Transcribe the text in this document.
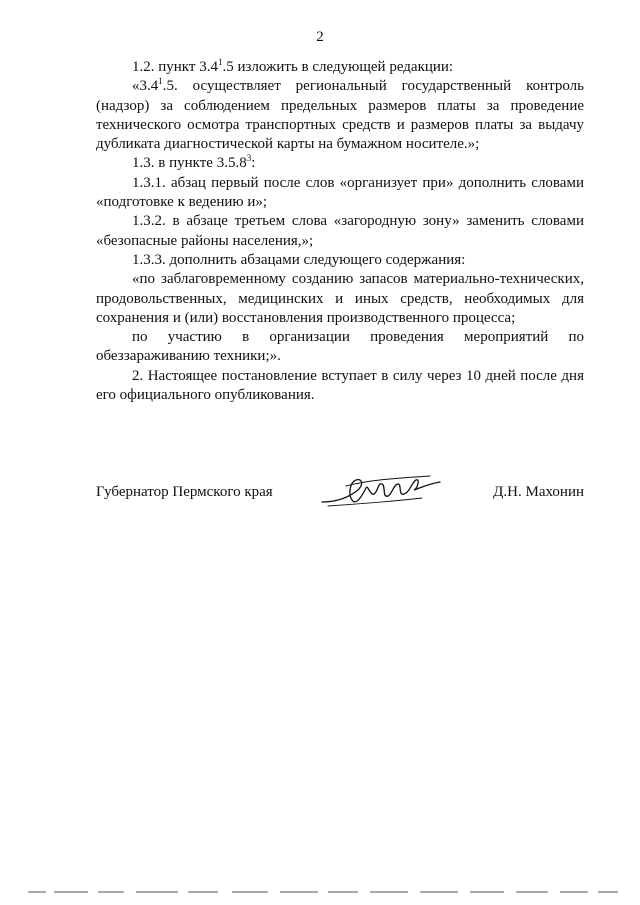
2

1.2. пункт $3.4^1.5$ изложить в следующей редакции:

«$3.4^1.5$. осуществляет региональный государственный контроль (надзор) за соблюдением предельных размеров платы за проведение технического осмотра транспортных средств и размеров платы за выдачу дубликата диагностической карты на бумажном носителе.»;

1.3. в пункте 3.5.8$^3$:

1.3.1. абзац первый после слов «организует при» дополнить словами «подготовке к ведению и»;

1.3.2. в абзаце третьем слова «загородную зону» заменить словами «безопасные районы населения,»;

1.3.3. дополнить абзацами следующего содержания:

«по заблаговременному созданию запасов материально-технических, продовольственных, медицинских и иных средств, необходимых для сохранения и (или) восстановления производственного процесса;

по участию в организации проведения мероприятий по обеззараживанию техники;».

2. Настоящее постановление вступает в силу через 10 дней после дня его официального опубликования.

Губернатор Пермского края	Д.Н. Махонин
